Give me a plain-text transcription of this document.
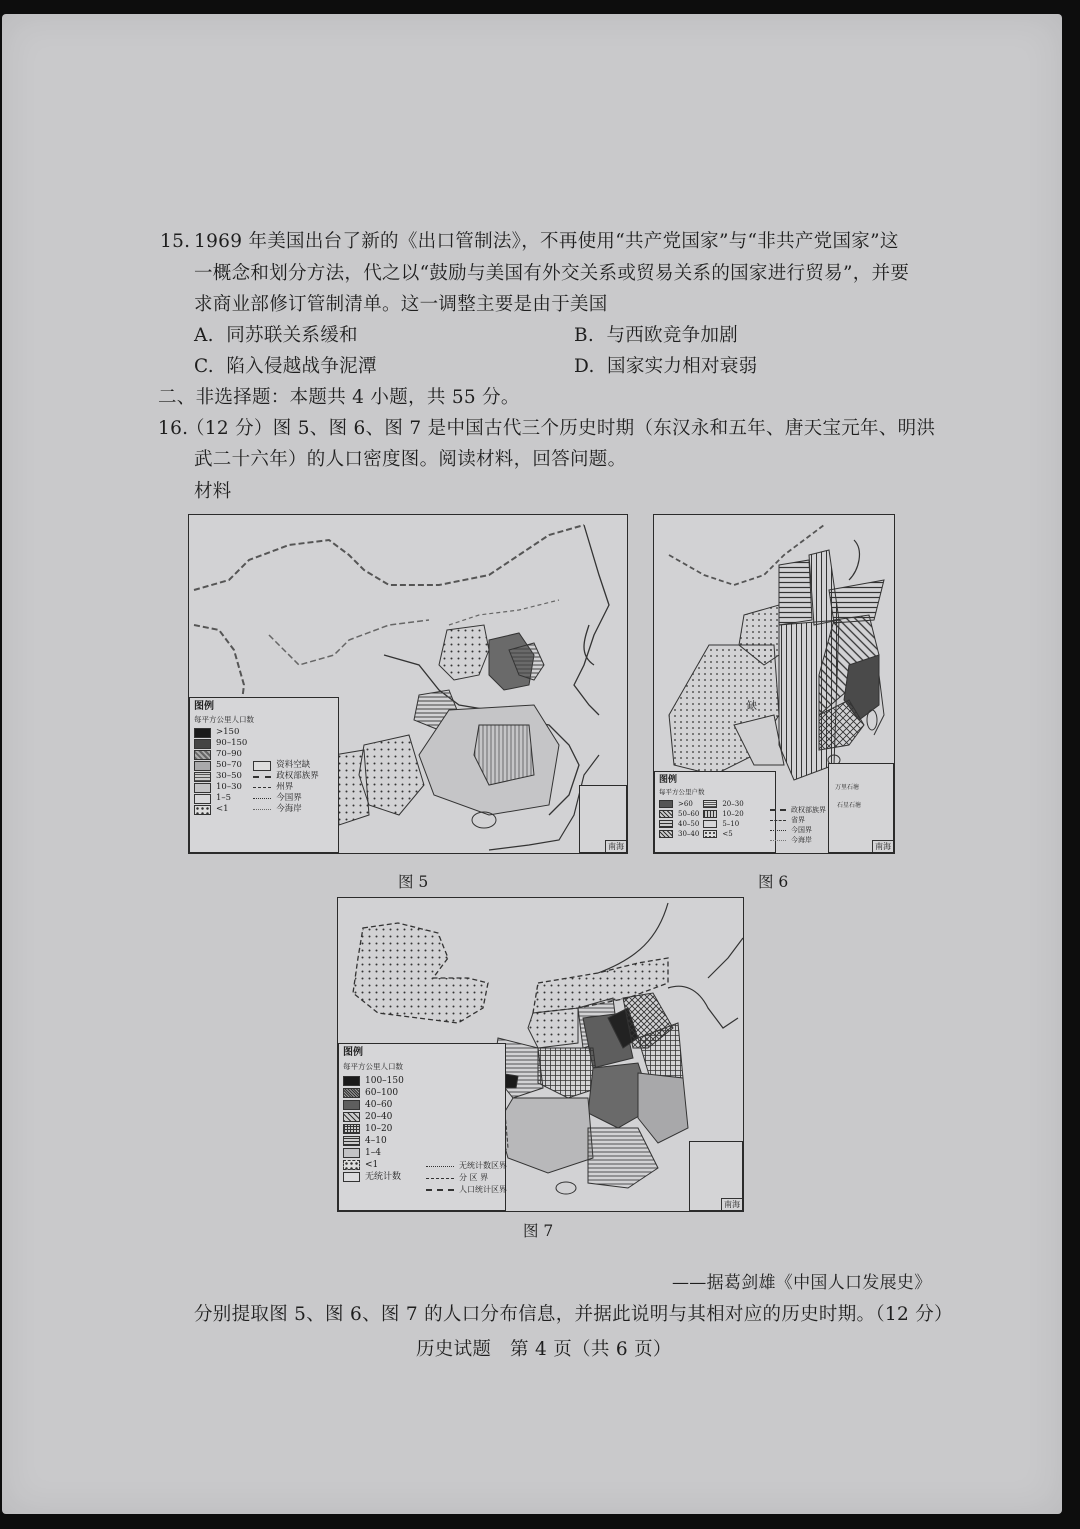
15. 1969 年美国出台了新的《出口管制法》，不再使用“共产党国家”与“非共产党国家”这
一概念和划分方法，代之以“鼓励与美国有外交关系或贸易关系的国家进行贸易”，并要
求商业部修订管制清单。这一调整主要是由于美国
A. 同苏联关系缓和	B. 与西欧竞争加剧
C. 陷入侵越战争泥潭	D. 国家实力相对衰弱
二、非选择题：本题共 4 小题，共 55 分。
16.
（12 分）图 5、图 6、图 7 是中国古代三个历史时期（东汉永和五年、唐天宝元年、明洪
武二十六年）的人口密度图。阅读材料，回答问题。
材料
图例
每平方公里人口数
>150
90–150
70–90
50–70
30–50
10–30
1–5
<1
资料空缺
政权部族界
州界
今国界
今海岸
南海
图 5
缺
图例
每平方公里户数
>60
50–60
40–50
30–40
20–30
10–20
5–10
<5
政权部族界
省界
今国界
今海岸
万里石塘
石星石塘
南海
图 6
图例
每平方公里人口数
100–150
60–100
40–60
20–40
10–20
4–10
1–4
<1
无统计数
无统计数区界
分 区 界
人口统计区界
南海
图 7
——据葛剑雄《中国人口发展史》
分别提取图 5、图 6、图 7 的人口分布信息，并据此说明与其相对应的历史时期。（12 分）
历史试题　第 4 页（共 6 页）
